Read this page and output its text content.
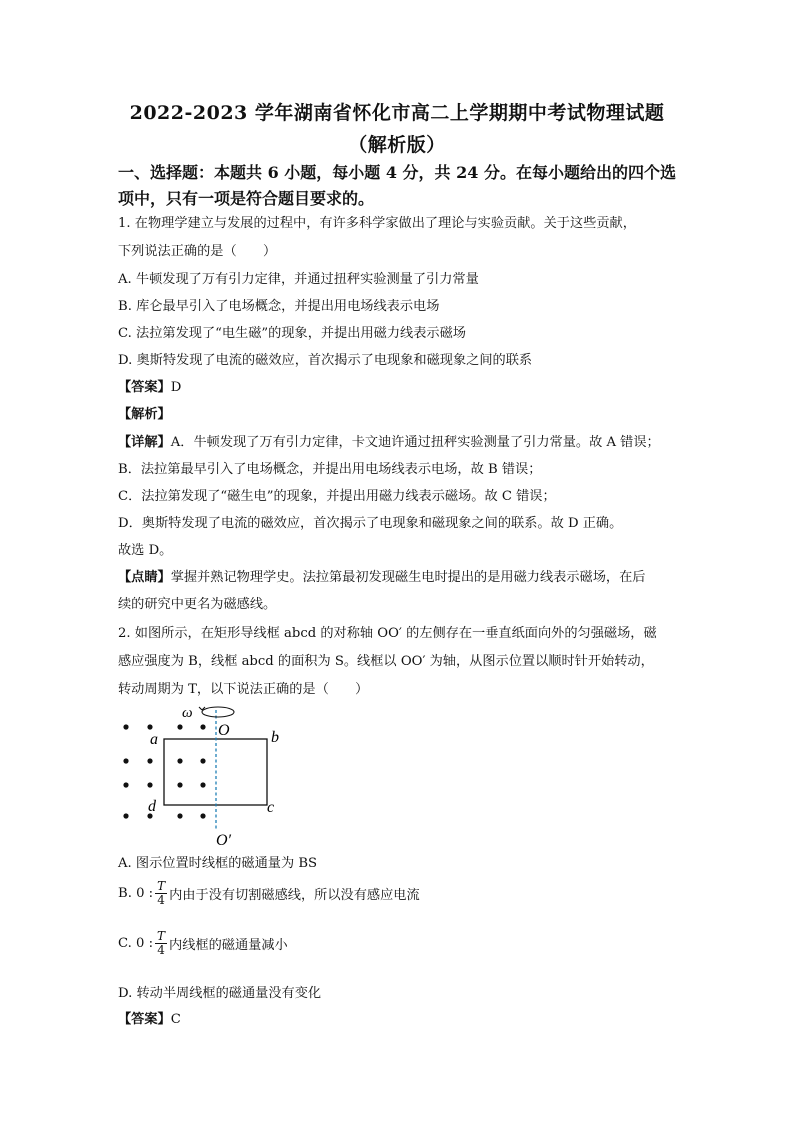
2022-2023 学年湖南省怀化市高二上学期期中考试物理试题
（解析版）
一、选择题：本题共 6 小题，每小题 4 分，共 24 分。在每小题给出的四个选项中，只有一项是符合题目要求的。
1. 在物理学建立与发展的过程中，有许多科学家做出了理论与实验贡献。关于这些贡献，
下列说法正确的是（　　）
A. 牛顿发现了万有引力定律，并通过扭秤实验测量了引力常量
B. 库仑最早引入了电场概念，并提出用电场线表示电场
C. 法拉第发现了“电生磁”的现象，并提出用磁力线表示磁场
D. 奥斯特发现了电流的磁效应，首次揭示了电现象和磁现象之间的联系
【答案】D
【解析】
【详解】A．牛顿发现了万有引力定律，卡文迪许通过扭秤实验测量了引力常量。故 A 错误；
B．法拉第最早引入了电场概念，并提出用电场线表示电场，故 B 错误；
C．法拉第发现了“磁生电”的现象，并提出用磁力线表示磁场。故 C 错误；
D．奥斯特发现了电流的磁效应，首次揭示了电现象和磁现象之间的联系。故 D 正确。
故选 D。
【点睛】掌握并熟记物理学史。法拉第最初发现磁生电时提出的是用磁力线表示磁场，在后
续的研究中更名为磁感线。
2. 如图所示，在矩形导线框 abcd 的对称轴 OO′ 的左侧存在一垂直纸面向外的匀强磁场，磁
感应强度为 B，线框 abcd 的面积为 S。线框以 OO′ 为轴，从图示位置以顺时针开始转动，
转动周期为 T，以下说法正确的是（　　）
ω
O
a	b
d	c
O′
A. 图示位置时线框的磁通量为 BS
B. 0 : $\frac{T}{4}$ 内由于没有切割磁感线，所以没有感应电流
C. 0 : $\frac{T}{4}$ 内线框的磁通量减小
D. 转动半周线框的磁通量没有变化
【答案】C
